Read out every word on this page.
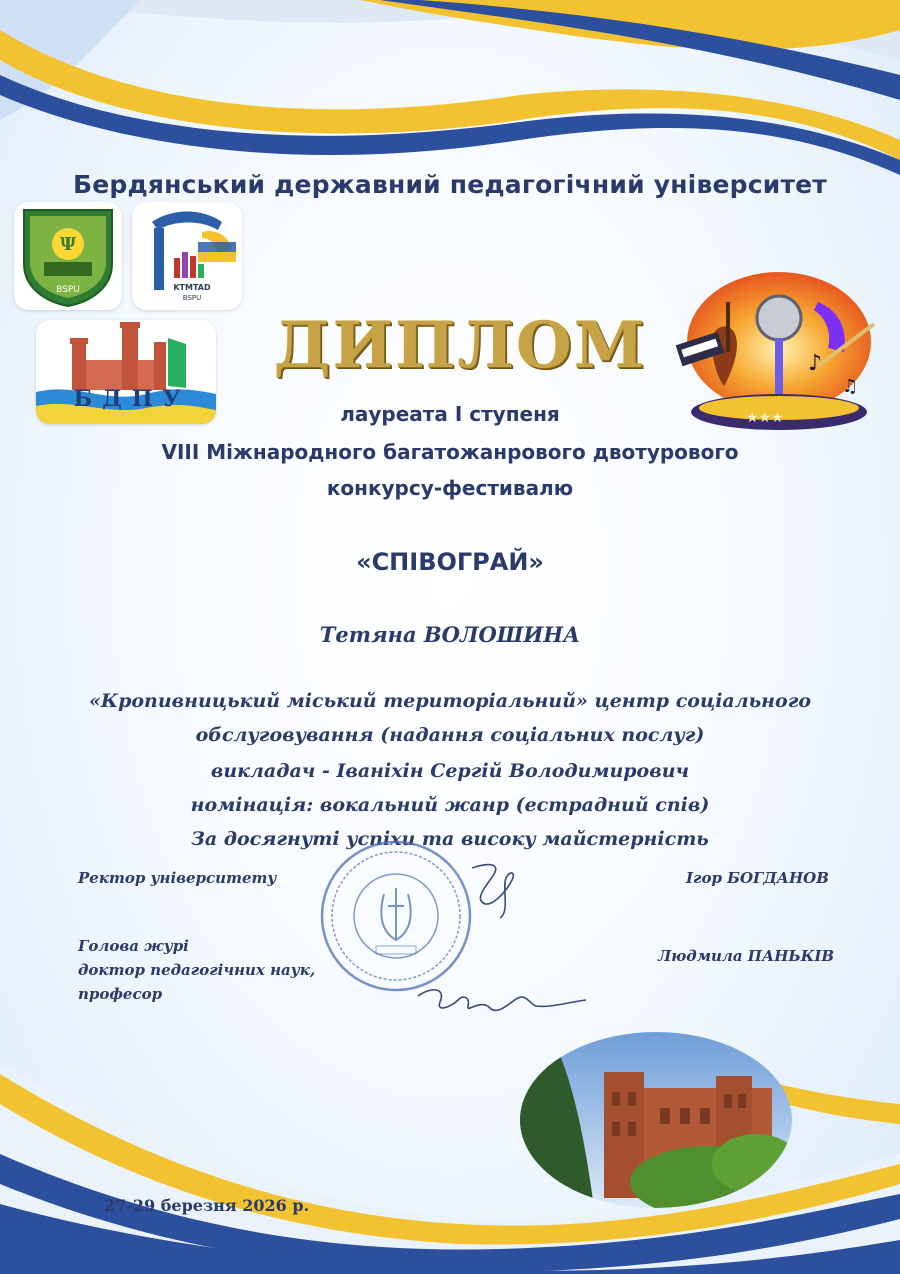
Бердянський державний педагогічний університет
Ψ
BSPU	KTMTAD
BSPU
БДПУ
ДИПЛОМ	♪
♫
★★★
лауреата І ступеня
VIII Міжнародного багатожанрового двотурового
конкурсу-фестивалю
«СПІВОГРАЙ»
Тетяна ВОЛОШИНА
«Кропивницький міський територіальний» центр соціального
обслуговування (надання соціальних послуг)
викладач - Іваніхін Сергій Володимирович
номінація: вокальний жанр (естрадний спів)
За досягнуті успіхи та високу майстерність
Ректор університету	Ігор БОГДАНОВ
Голова журі
доктор педагогічних наук,
професор
Людмила ПАНЬКІВ
27-29 березня 2026 р.
